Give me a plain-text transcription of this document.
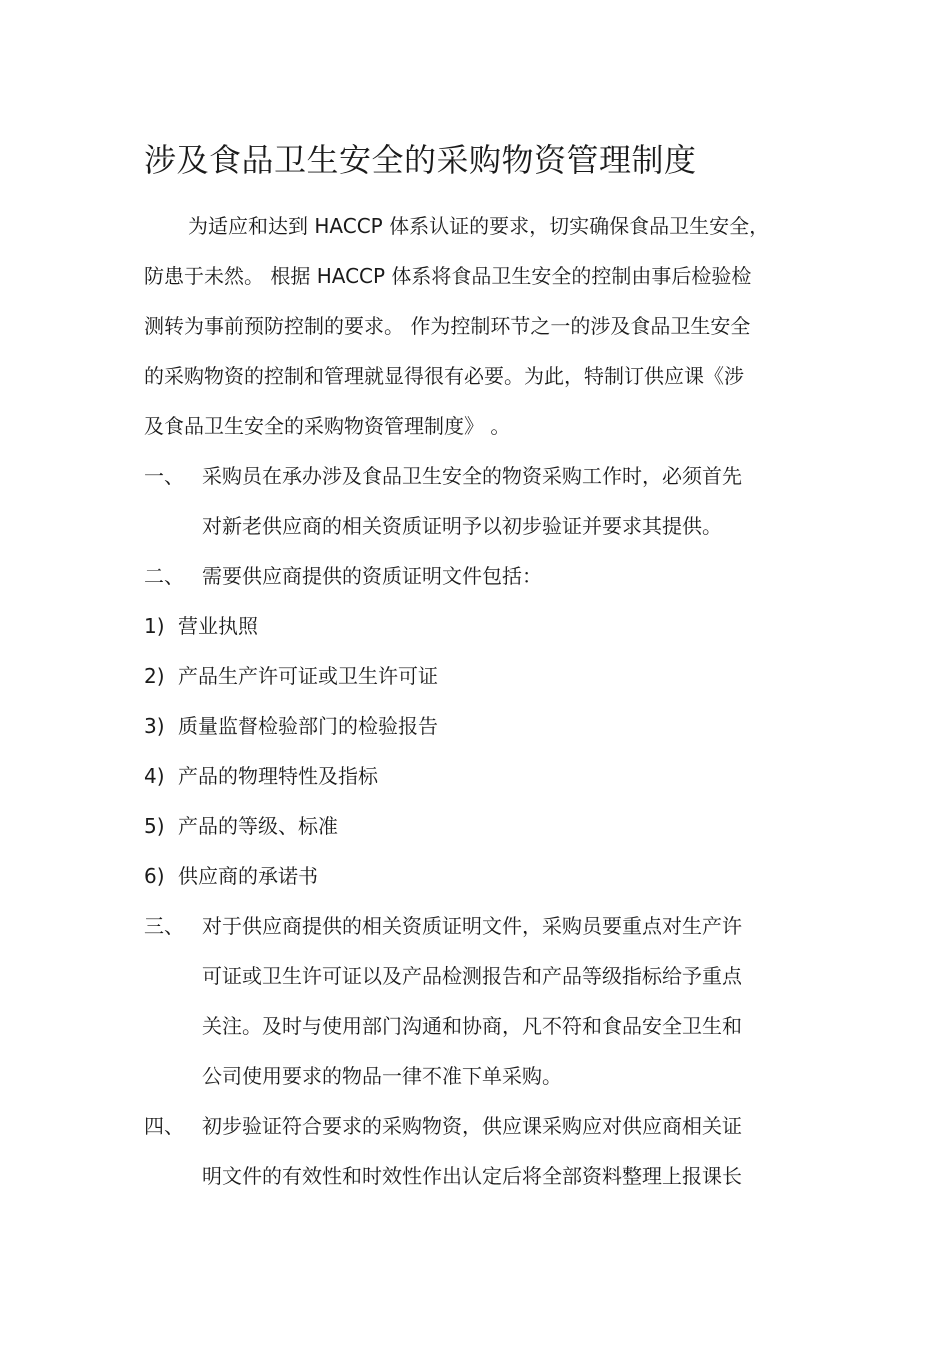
涉及食品卫生安全的采购物资管理制度
为适应和达到 HACCP 体系认证的要求，切实确保食品卫生安全，
防患于未然。 根据 HACCP 体系将食品卫生安全的控制由事后检验检
测转为事前预防控制的要求。 作为控制环节之一的涉及食品卫生安全
的采购物资的控制和管理就显得很有必要。为此，特制订供应课《涉
及食品卫生安全的采购物资管理制度》 。
一、 采购员在承办涉及食品卫生安全的物资采购工作时，必须首先
对新老供应商的相关资质证明予以初步验证并要求其提供。
二、 需要供应商提供的资质证明文件包括：
1) 营业执照
2) 产品生产许可证或卫生许可证
3) 质量监督检验部门的检验报告
4) 产品的物理特性及指标
5) 产品的等级、标准
6) 供应商的承诺书
三、 对于供应商提供的相关资质证明文件，采购员要重点对生产许
可证或卫生许可证以及产品检测报告和产品等级指标给予重点
关注。及时与使用部门沟通和协商，凡不符和食品安全卫生和
公司使用要求的物品一律不准下单采购。
四、 初步验证符合要求的采购物资，供应课采购应对供应商相关证
明文件的有效性和时效性作出认定后将全部资料整理上报课长
